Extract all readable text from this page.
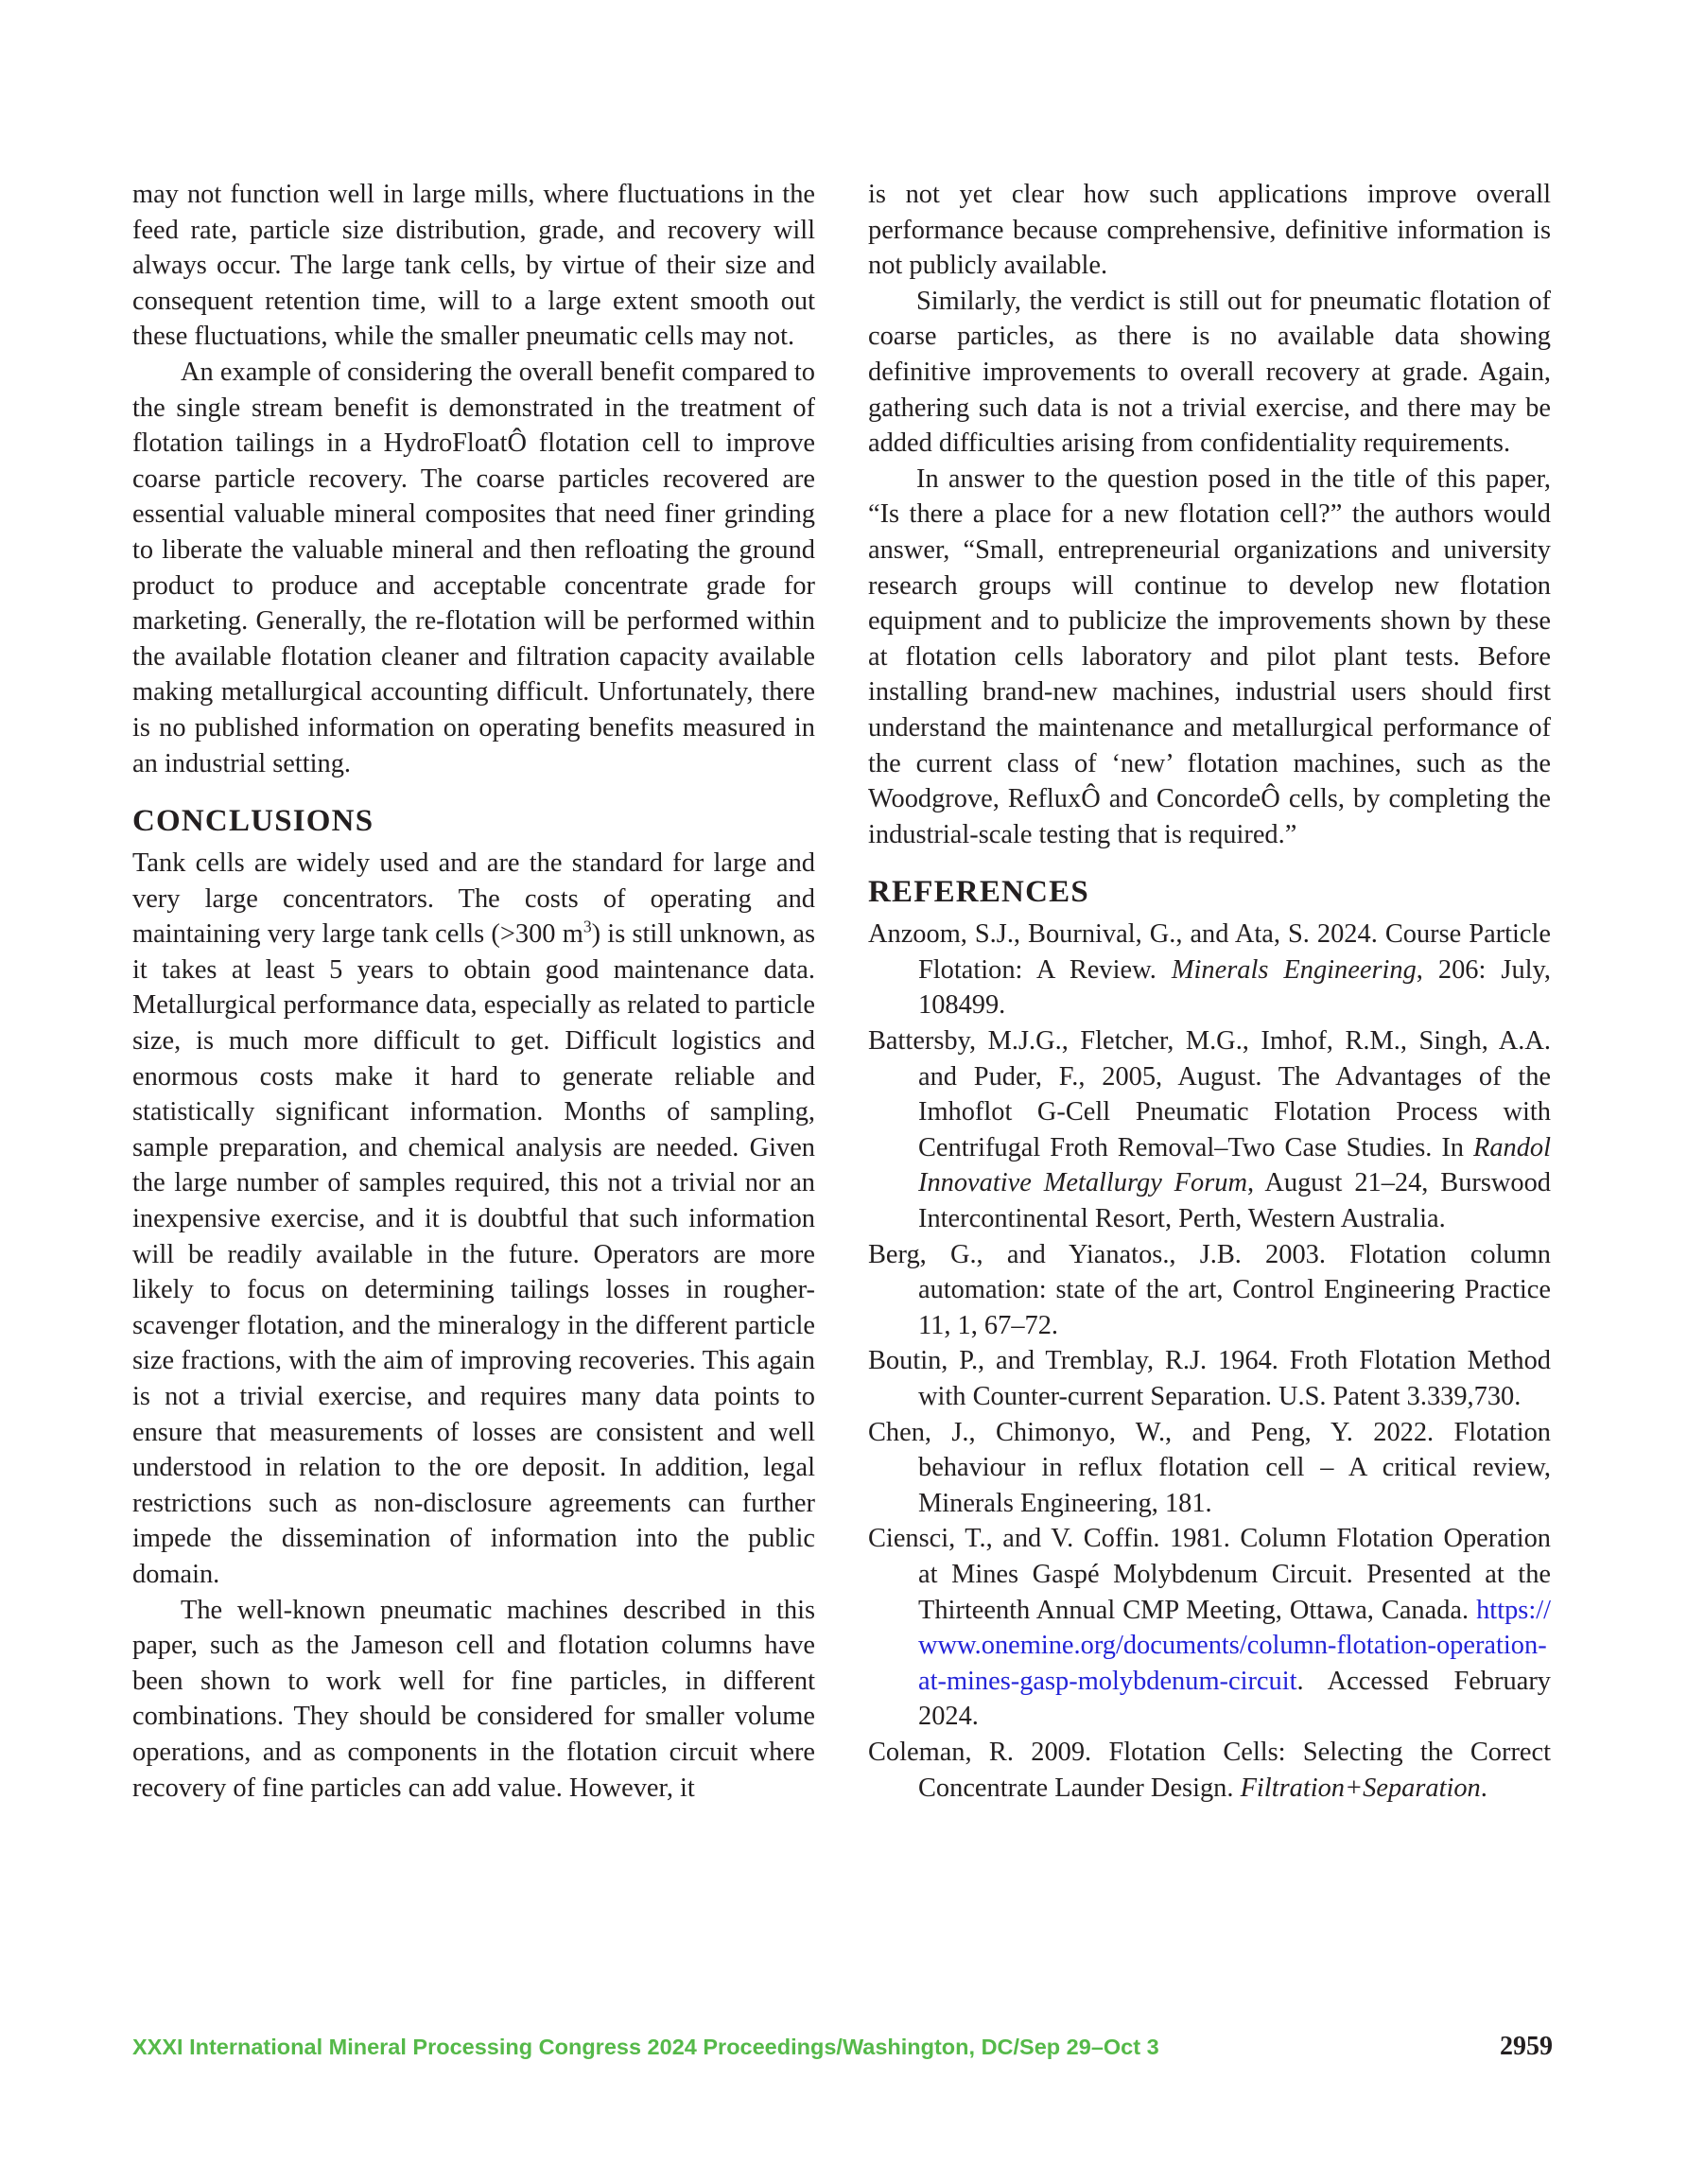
may not function well in large mills, where fluctuations in the feed rate, particle size distribution, grade, and recovery will always occur. The large tank cells, by virtue of their size and consequent retention time, will to a large extent smooth out these fluctuations, while the smaller pneumatic cells may not.

An example of considering the overall benefit compared to the single stream benefit is demonstrated in the treatment of flotation tailings in a HydroFloatÔ flotation cell to improve coarse particle recovery. The coarse particles recovered are essential valuable mineral composites that need finer grinding to liberate the valuable mineral and then refloating the ground product to produce and acceptable concentrate grade for marketing. Generally, the re-flotation will be performed within the available flotation cleaner and filtration capacity available making metallurgical accounting difficult. Unfortunately, there is no published information on operating benefits measured in an industrial setting.

CONCLUSIONS

Tank cells are widely used and are the standard for large and very large concentrators. The costs of operating and maintaining very large tank cells (>300 $m^3$) is still unknown, as it takes at least 5 years to obtain good maintenance data. Metallurgical performance data, especially as related to particle size, is much more difficult to get. Difficult logistics and enormous costs make it hard to generate reliable and statistically significant information. Months of sampling, sample preparation, and chemical analysis are needed. Given the large number of samples required, this not a trivial nor an inexpensive exercise, and it is doubtful that such information will be readily available in the future. Operators are more likely to focus on determining tailings losses in rougher-scavenger flotation, and the mineralogy in the different particle size fractions, with the aim of improving recoveries. This again is not a trivial exercise, and requires many data points to ensure that measurements of losses are consistent and well understood in relation to the ore deposit. In addition, legal restrictions such as non-disclosure agreements can further impede the dissemination of information into the public domain.

The well-known pneumatic machines described in this paper, such as the Jameson cell and flotation columns have been shown to work well for fine particles, in different combinations. They should be considered for smaller volume operations, and as components in the flotation circuit where recovery of fine particles can add value. However, it

is not yet clear how such applications improve overall performance because comprehensive, definitive information is not publicly available.

Similarly, the verdict is still out for pneumatic flotation of coarse particles, as there is no available data showing definitive improvements to overall recovery at grade. Again, gathering such data is not a trivial exercise, and there may be added difficulties arising from confidentiality requirements.

In answer to the question posed in the title of this paper, “Is there a place for a new flotation cell?” the authors would answer, “Small, entrepreneurial organizations and university research groups will continue to develop new flotation equipment and to publicize the improvements shown by these at flotation cells laboratory and pilot plant tests. Before installing brand-new machines, industrial users should first understand the maintenance and metallurgical performance of the current class of ‘new’ flotation machines, such as the Woodgrove, RefluxÔ and ConcordeÔ cells, by completing the industrial-scale testing that is required.”

REFERENCES

Anzoom, S.J., Bournival, G., and Ata, S. 2024. Course Particle Flotation: A Review. Minerals Engineering, 206: July, 108499.

Battersby, M.J.G., Fletcher, M.G., Imhof, R.M., Singh, A.A. and Puder, F., 2005, August. The Advantages of the Imhoflot G-Cell Pneumatic Flotation Process with Centrifugal Froth Removal–Two Case Studies. In Randol Innovative Metallurgy Forum, August 21–24, Burswood Intercontinental Resort, Perth, Western Australia.

Berg, G., and Yianatos., J.B. 2003. Flotation column automation: state of the art, Control Engineering Practice 11, 1, 67–72.

Boutin, P., and Tremblay, R.J. 1964. Froth Flotation Method with Counter-current Separation. U.S. Patent 3.339,730.

Chen, J., Chimonyo, W., and Peng, Y. 2022. Flotation behaviour in reflux flotation cell – A critical review, Minerals Engineering, 181.

Ciensci, T., and V. Coffin. 1981. Column Flotation Operation at Mines Gaspé Molybdenum Circuit. Presented at the Thirteenth Annual CMP Meeting, Ottawa, Canada. https://www.onemine.org/documents/column-flotation-operation-at-mines-gasp-molybdenum-circuit. Accessed February 2024.

Coleman, R. 2009. Flotation Cells: Selecting the Correct Concentrate Launder Design. Filtration+Separation.

XXXI International Mineral Processing Congress 2024 Proceedings/Washington, DC/Sep 29–Oct 3	2959
